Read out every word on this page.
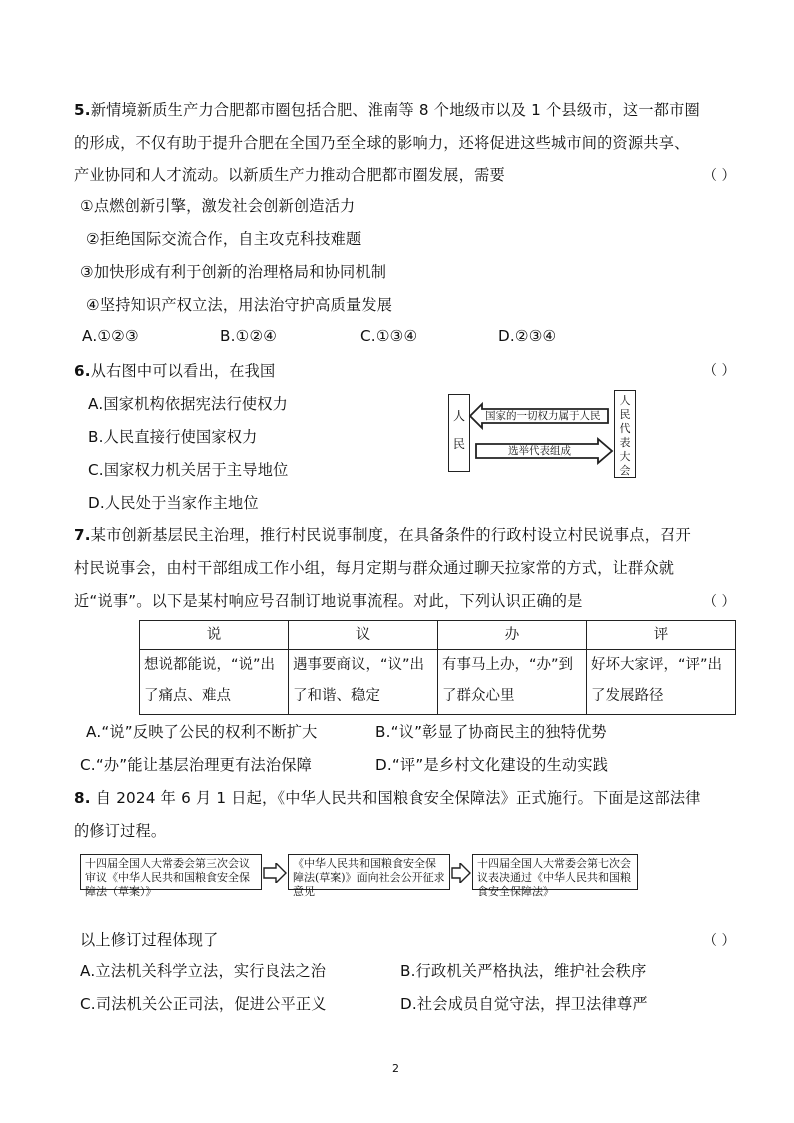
5.新情境新质生产力合肥都市圈包括合肥、淮南等 8 个地级市以及 1 个县级市，这一都市圈
的形成，不仅有助于提升合肥在全国乃至全球的影响力，还将促进这些城市间的资源共享、
产业协同和人才流动。以新质生产力推动合肥都市圈发展，需要	（ ）
①点燃创新引擎，激发社会创新创造活力
②拒绝国际交流合作，自主攻克科技难题
③加快形成有利于创新的治理格局和协同机制
④坚持知识产权立法，用法治守护高质量发展
A.①②③	B.①②④	C.①③④	D.②③④
6.从右图中可以看出，在我国	（ ）
A.国家机构依据宪法行使权力
B.人民直接行使国家权力
C.国家权力机关居于主导地位
D.人民处于当家作主地位
人

民
人民代表大会
国家的一切权力属于人民
选举代表组成
7.某市创新基层民主治理，推行村民说事制度，在具备条件的行政村设立村民说事点，召开
村民说事会，由村干部组成工作小组，每月定期与群众通过聊天拉家常的方式，让群众就
近“说事”。以下是某村响应号召制订地说事流程。对此，下列认识正确的是	（ ）
说	议	办	评
想说都能说，“说”出了痛点、难点	遇事要商议，“议”出了和谐、稳定	有事马上办，“办”到了群众心里	好坏大家评，“评”出了发展路径
A.“说”反映了公民的权利不断扩大	B.“议”彰显了协商民主的独特优势
C.“办”能让基层治理更有法治保障	D.“评”是乡村文化建设的生动实践
8. 自 2024 年 6 月 1 日起，《中华人民共和国粮食安全保障法》正式施行。下面是这部法律
的修订过程。
十四届全国人大常委会第三次会议审议《中华人民共和国粮食安全保障法（草案）》
《中华人民共和国粮食安全保障法(草案)》面向社会公开征求意见
十四届全国人大常委会第七次会议表决通过《中华人民共和国粮食安全保障法》
以上修订过程体现了	（ ）
A.立法机关科学立法，实行良法之治	B.行政机关严格执法，维护社会秩序
C.司法机关公正司法，促进公平正义	D.社会成员自觉守法，捍卫法律尊严
2
